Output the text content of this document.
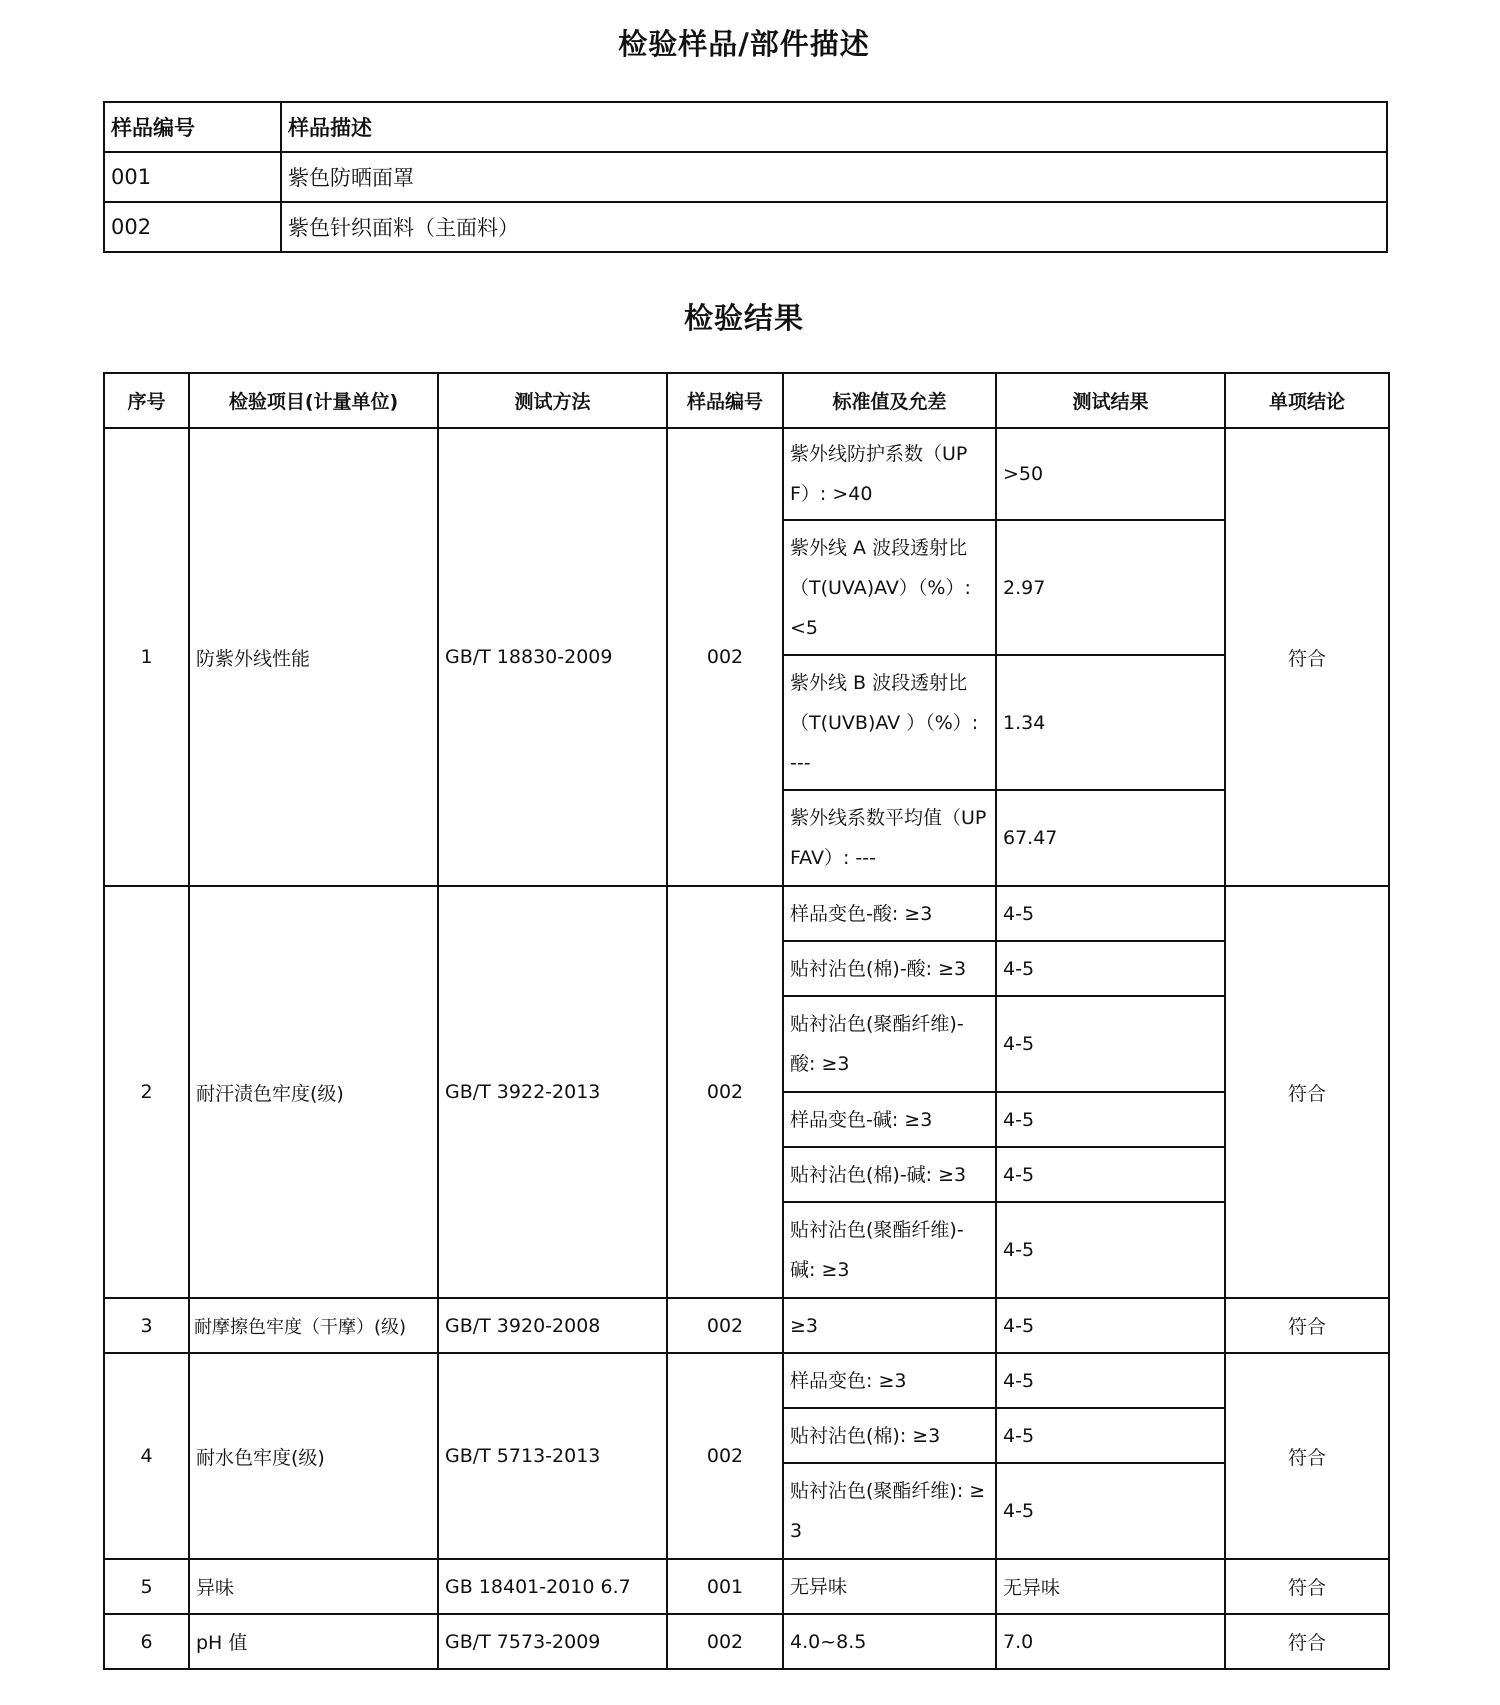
检验样品/部件描述
样品编号	样品描述
001	紫色防晒面罩
002	紫色针织面料（主面料）
检验结果
序号	检验项目(计量单位)	测试方法	样品编号	标准值及允差	测试结果	单项结论
1	防紫外线性能	GB/T 18830-2009	002	紫外线防护系数（UPF）: >40	>50	符合
				紫外线 A 波段透射比（T(UVA)AV）（%）: <5	2.97	
				紫外线 B 波段透射比（T(UVB)AV ）（%）: ---	1.34	
				紫外线系数平均值（UPFAV）: ---	67.47	
2	耐汗渍色牢度(级)	GB/T 3922-2013	002	样品变色-酸: ≥3	4-5	符合
				贴衬沾色(棉)-酸: ≥3	4-5	
				贴衬沾色(聚酯纤维)-酸: ≥3	4-5	
				样品变色-碱: ≥3	4-5	
				贴衬沾色(棉)-碱: ≥3	4-5	
				贴衬沾色(聚酯纤维)-碱: ≥3	4-5	
3	耐摩擦色牢度（干摩）(级)	GB/T 3920-2008	002	≥3	4-5	符合
4	耐水色牢度(级)	GB/T 5713-2013	002	样品变色: ≥3	4-5	符合
				贴衬沾色(棉): ≥3	4-5	
				贴衬沾色(聚酯纤维): ≥3	4-5	
5	异味	GB 18401-2010 6.7	001	无异味	无异味	符合
6	pH 值	GB/T 7573-2009	002	4.0~8.5	7.0	符合
